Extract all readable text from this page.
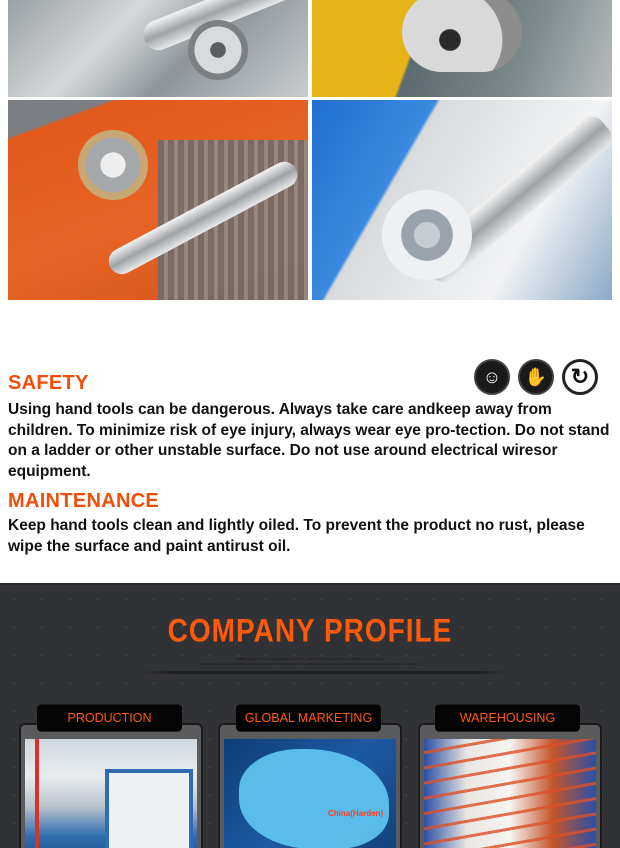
SAFETY	☺	✋	↻
Using hand tools can be dangerous. Always take care andkeep away from children. To minimize risk of eye injury, always wear eye pro-tection. Do not stand on a ladder or other unstable surface. Do not use around electrical wiresor equipment.
MAINTENANCE
Keep hand tools clean and lightly oiled. To prevent the product no rust, please wipe the surface and paint antirust oil.
COMPANY PROFILE
SHINE BRIGHT LIKE A DIAMOND, ALWAYS LIKE NEW FRAGRANCE TO SHOW COLOR DAILY
T BRIGHT LIKE A DIAMOND, ALWAYS LIKE NEW FRAGRANCE TO SHOW COLOR DAILY IRREFUTABLE FEMALE FAN, NEW COL, NEW M
PRODUCTION	GLOBAL MARKETING
China(Harden)
WAREHOUSING
